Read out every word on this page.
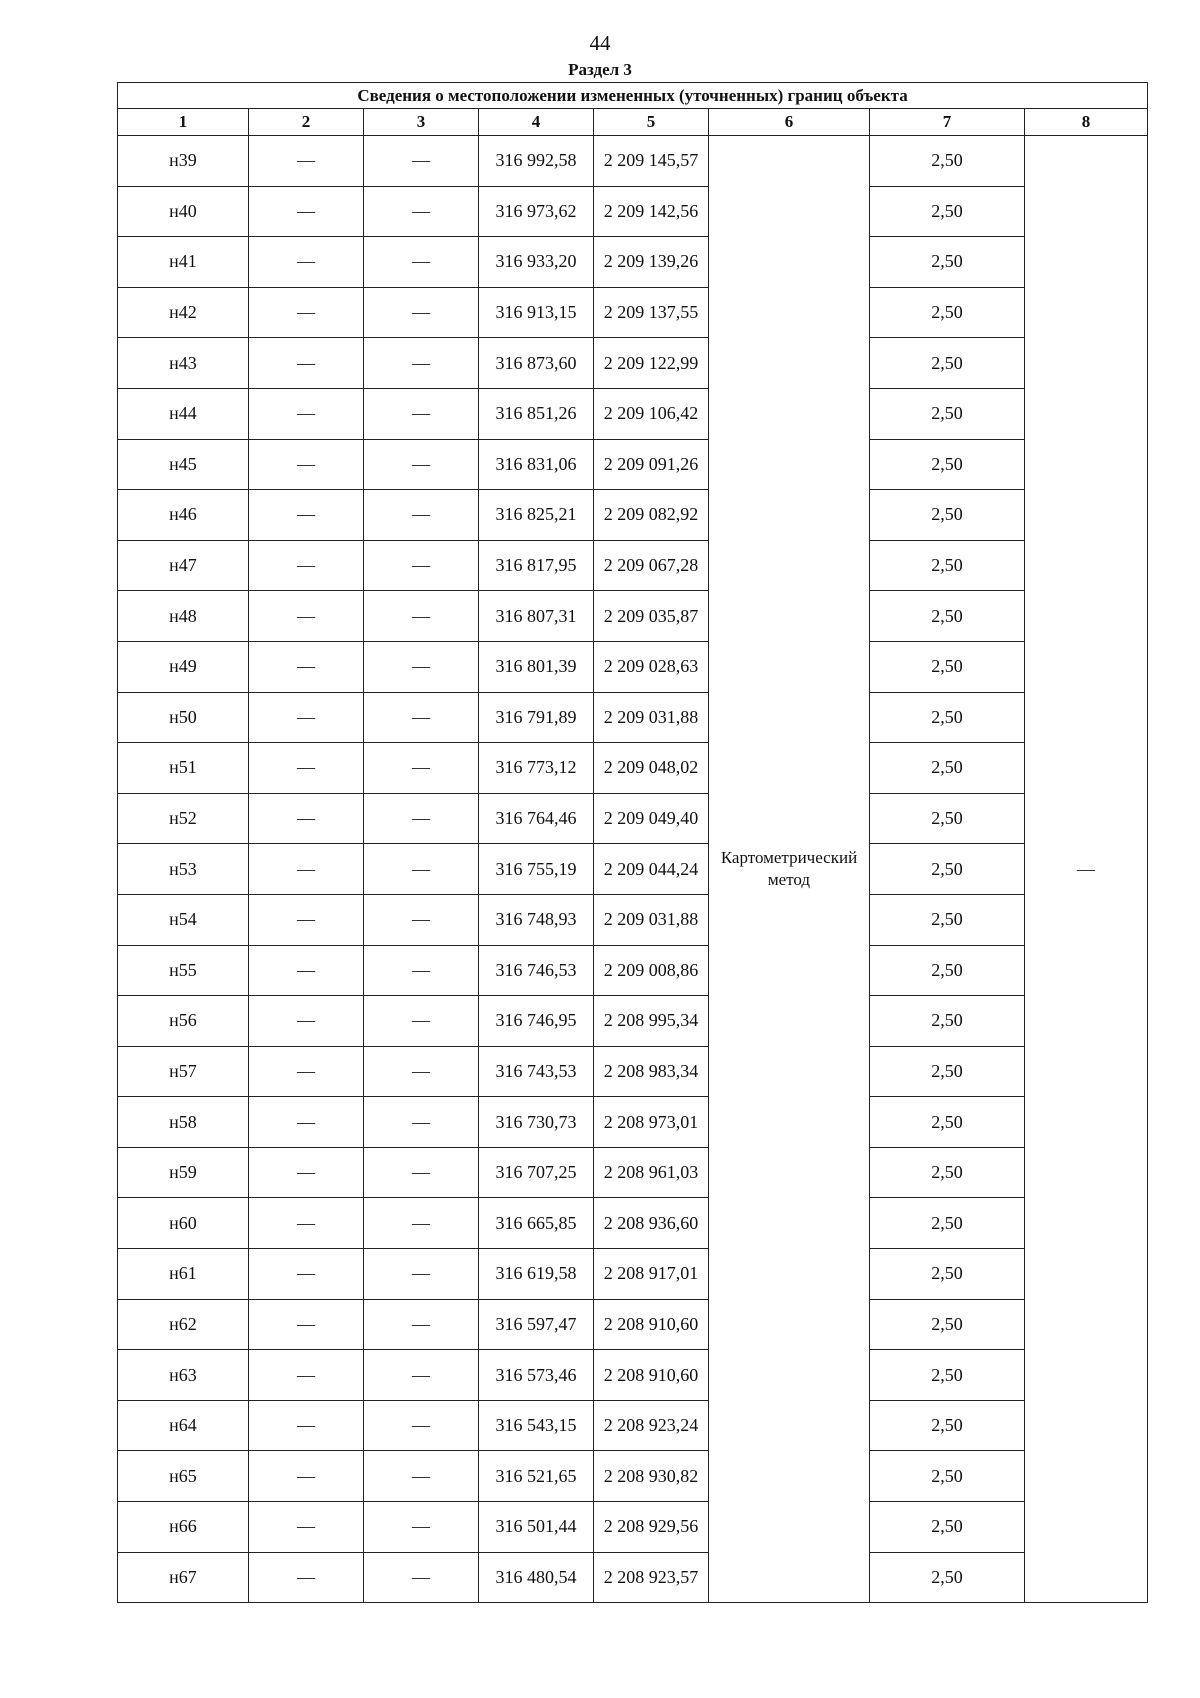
44
Раздел 3
Сведения о местоположении измененных (уточненных) границ объекта							
1	2	3	4	5	6	7	8
н39	—	—	316 992,58	2 209 145,57	Картометрический метод	2,50	—
н40	—	—	316 973,62	2 209 142,56		2,50	
н41	—	—	316 933,20	2 209 139,26		2,50	
н42	—	—	316 913,15	2 209 137,55		2,50	
н43	—	—	316 873,60	2 209 122,99		2,50	
н44	—	—	316 851,26	2 209 106,42		2,50	
н45	—	—	316 831,06	2 209 091,26		2,50	
н46	—	—	316 825,21	2 209 082,92		2,50	
н47	—	—	316 817,95	2 209 067,28		2,50	
н48	—	—	316 807,31	2 209 035,87		2,50	
н49	—	—	316 801,39	2 209 028,63		2,50	
н50	—	—	316 791,89	2 209 031,88		2,50	
н51	—	—	316 773,12	2 209 048,02		2,50	
н52	—	—	316 764,46	2 209 049,40		2,50	
н53	—	—	316 755,19	2 209 044,24		2,50	
н54	—	—	316 748,93	2 209 031,88		2,50	
н55	—	—	316 746,53	2 209 008,86		2,50	
н56	—	—	316 746,95	2 208 995,34		2,50	
н57	—	—	316 743,53	2 208 983,34		2,50	
н58	—	—	316 730,73	2 208 973,01		2,50	
н59	—	—	316 707,25	2 208 961,03		2,50	
н60	—	—	316 665,85	2 208 936,60		2,50	
н61	—	—	316 619,58	2 208 917,01		2,50	
н62	—	—	316 597,47	2 208 910,60		2,50	
н63	—	—	316 573,46	2 208 910,60		2,50	
н64	—	—	316 543,15	2 208 923,24		2,50	
н65	—	—	316 521,65	2 208 930,82		2,50	
н66	—	—	316 501,44	2 208 929,56		2,50	
н67	—	—	316 480,54	2 208 923,57		2,50	
